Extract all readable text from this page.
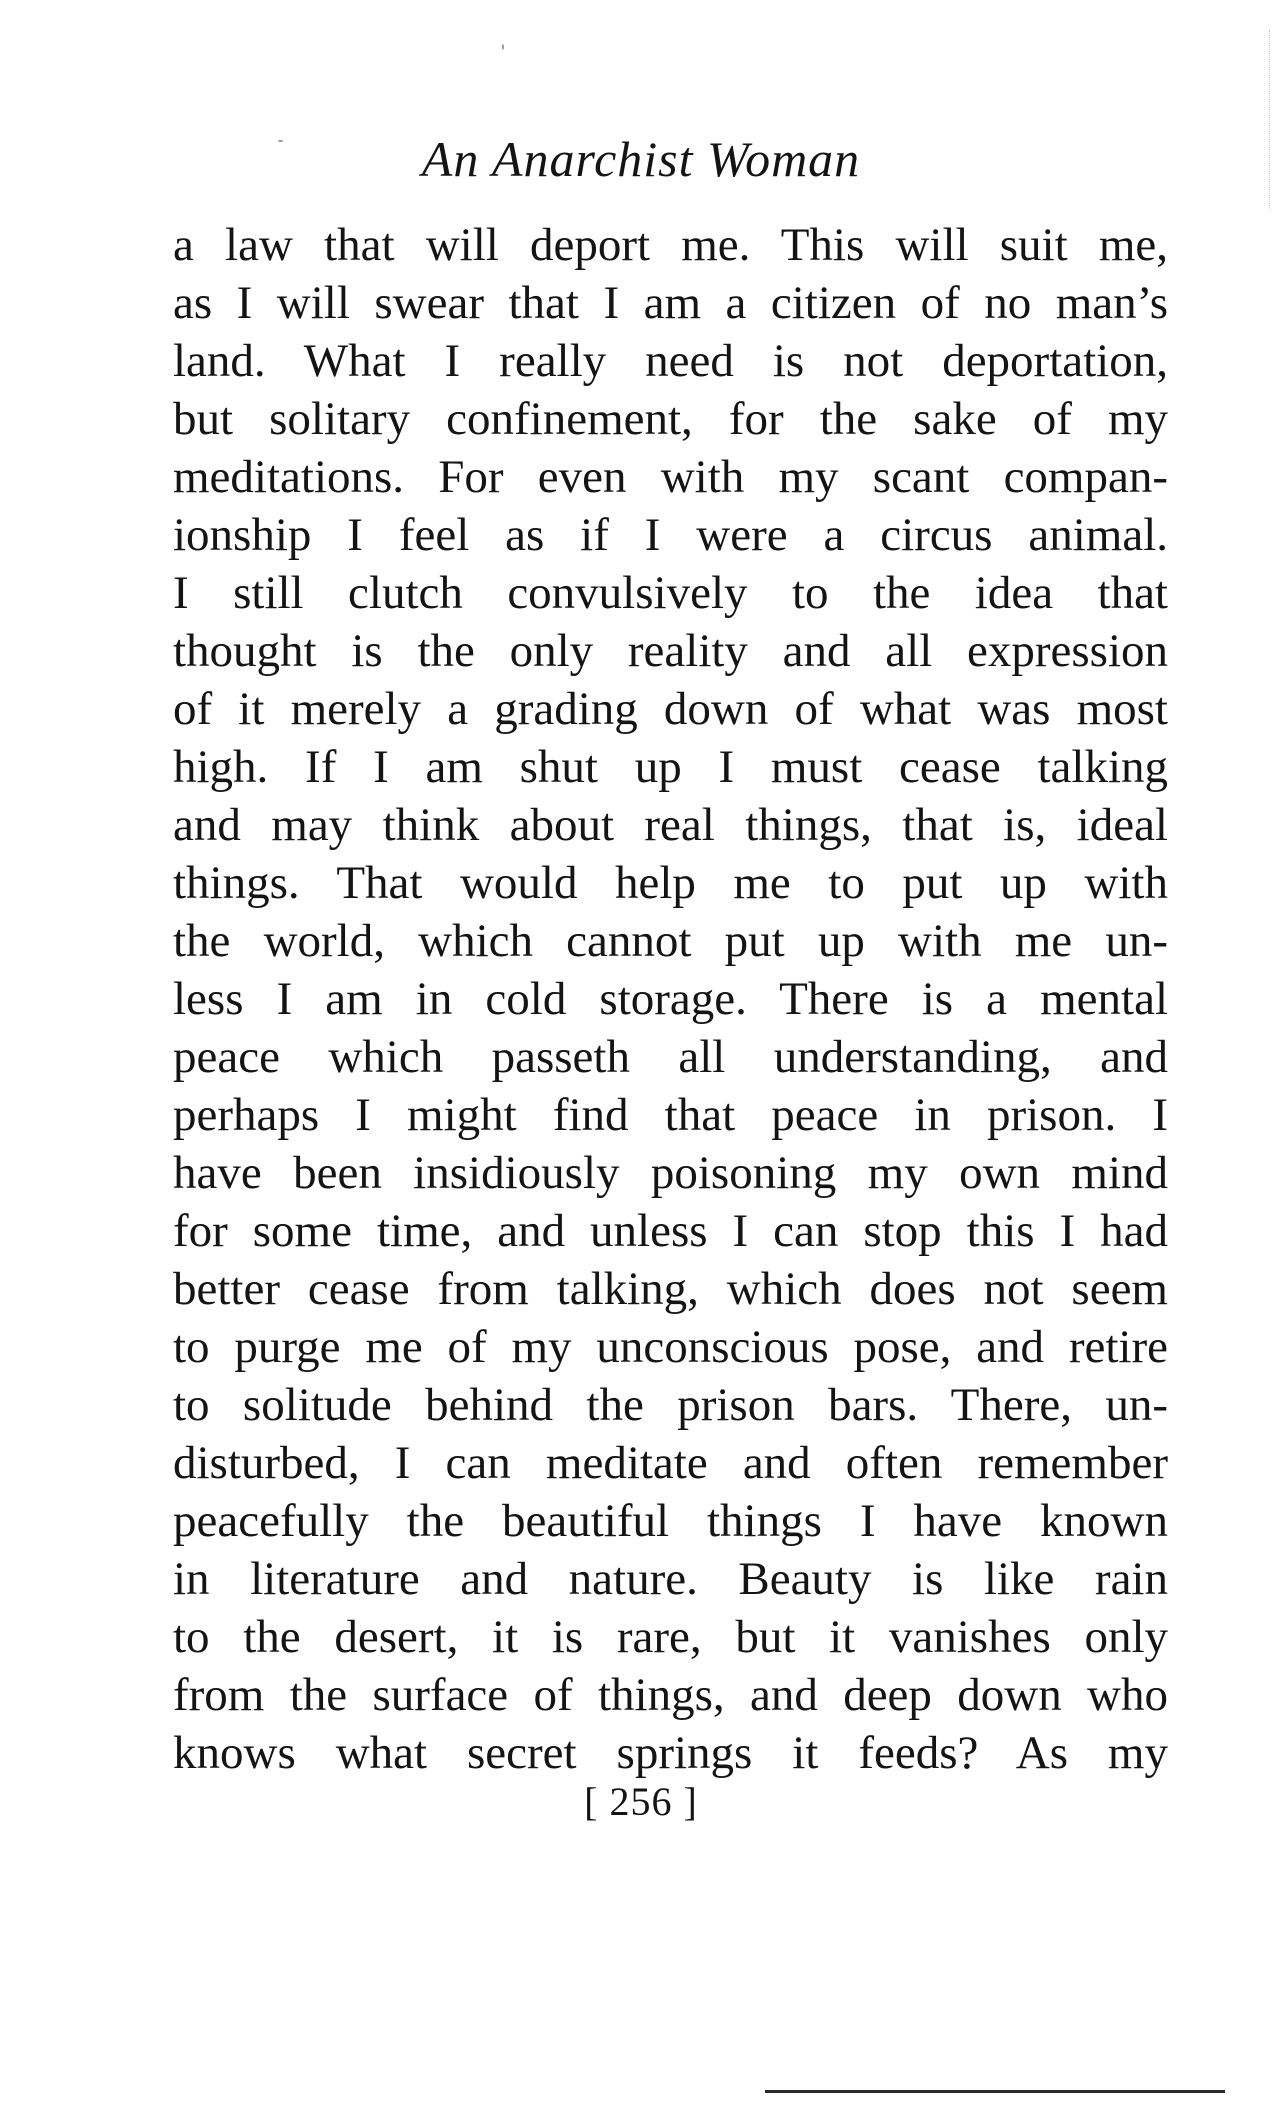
An Anarchist Woman
a law that will deport me. This will suit me,
as I will swear that I am a citizen of no man’s
land. What I really need is not deportation,
but solitary confinement, for the sake of my
meditations. For even with my scant compan-
ionship I feel as if I were a circus animal.
I still clutch convulsively to the idea that
thought is the only reality and all expression
of it merely a grading down of what was most
high. If I am shut up I must cease talking
and may think about real things, that is, ideal
things. That would help me to put up with
the world, which cannot put up with me un-
less I am in cold storage. There is a mental
peace which passeth all understanding, and
perhaps I might find that peace in prison. I
have been insidiously poisoning my own mind
for some time, and unless I can stop this I had
better cease from talking, which does not seem
to purge me of my unconscious pose, and retire
to solitude behind the prison bars. There, un-
disturbed, I can meditate and often remember
peacefully the beautiful things I have known
in literature and nature. Beauty is like rain
to the desert, it is rare, but it vanishes only
from the surface of things, and deep down who
knows what secret springs it feeds? As my
[ 256 ]
